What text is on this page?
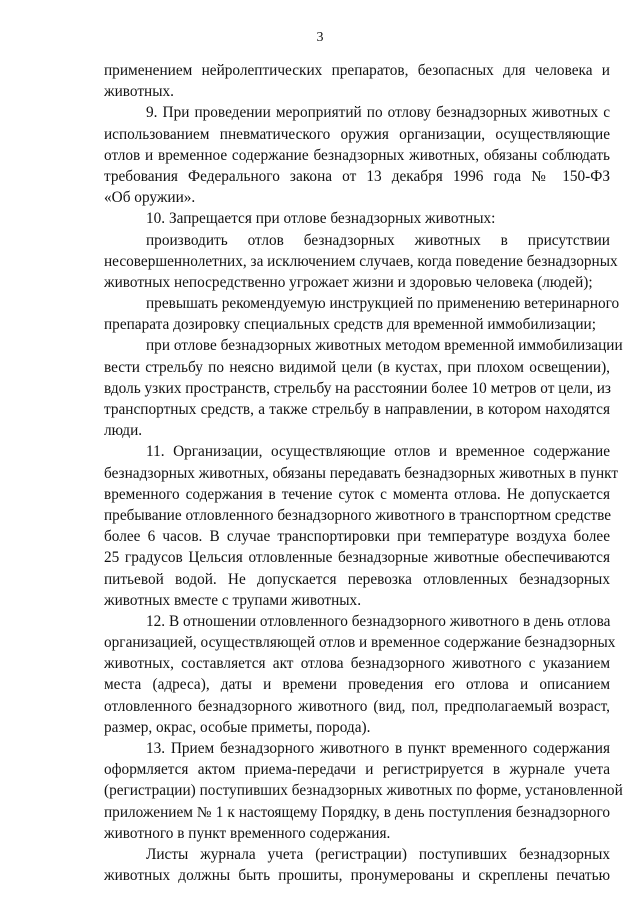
3
применением нейролептических препаратов, безопасных для человека и
животных.
9. При проведении мероприятий по отлову безнадзорных животных с
использованием пневматического оружия организации, осуществляющие
отлов и временное содержание безнадзорных животных, обязаны соблюдать
требования Федерального закона от 13 декабря 1996 года № 150-ФЗ
«Об оружии».
10. Запрещается при отлове безнадзорных животных:
производить отлов безнадзорных животных в присутствии
несовершеннолетних, за исключением случаев, когда поведение безнадзорных
животных непосредственно угрожает жизни и здоровью человека (людей);
превышать рекомендуемую инструкцией по применению ветеринарного
препарата дозировку специальных средств для временной иммобилизации;
при отлове безнадзорных животных методом временной иммобилизации
вести стрельбу по неясно видимой цели (в кустах, при плохом освещении),
вдоль узких пространств, стрельбу на расстоянии более 10 метров от цели, из
транспортных средств, а также стрельбу в направлении, в котором находятся
люди.
11. Организации, осуществляющие отлов и временное содержание
безнадзорных животных, обязаны передавать безнадзорных животных в пункт
временного содержания в течение суток с момента отлова. Не допускается
пребывание отловленного безнадзорного животного в транспортном средстве
более 6 часов. В случае транспортировки при температуре воздуха более
25 градусов Цельсия отловленные безнадзорные животные обеспечиваются
питьевой водой. Не допускается перевозка отловленных безнадзорных
животных вместе с трупами животных.
12. В отношении отловленного безнадзорного животного в день отлова
организацией, осуществляющей отлов и временное содержание безнадзорных
животных, составляется акт отлова безнадзорного животного с указанием
места (адреса), даты и времени проведения его отлова и описанием
отловленного безнадзорного животного (вид, пол, предполагаемый возраст,
размер, окрас, особые приметы, порода).
13. Прием безнадзорного животного в пункт временного содержания
оформляется актом приема-передачи и регистрируется в журнале учета
(регистрации) поступивших безнадзорных животных по форме, установленной
приложением № 1 к настоящему Порядку, в день поступления безнадзорного
животного в пункт временного содержания.
Листы журнала учета (регистрации) поступивших безнадзорных
животных должны быть прошиты, пронумерованы и скреплены печатью
